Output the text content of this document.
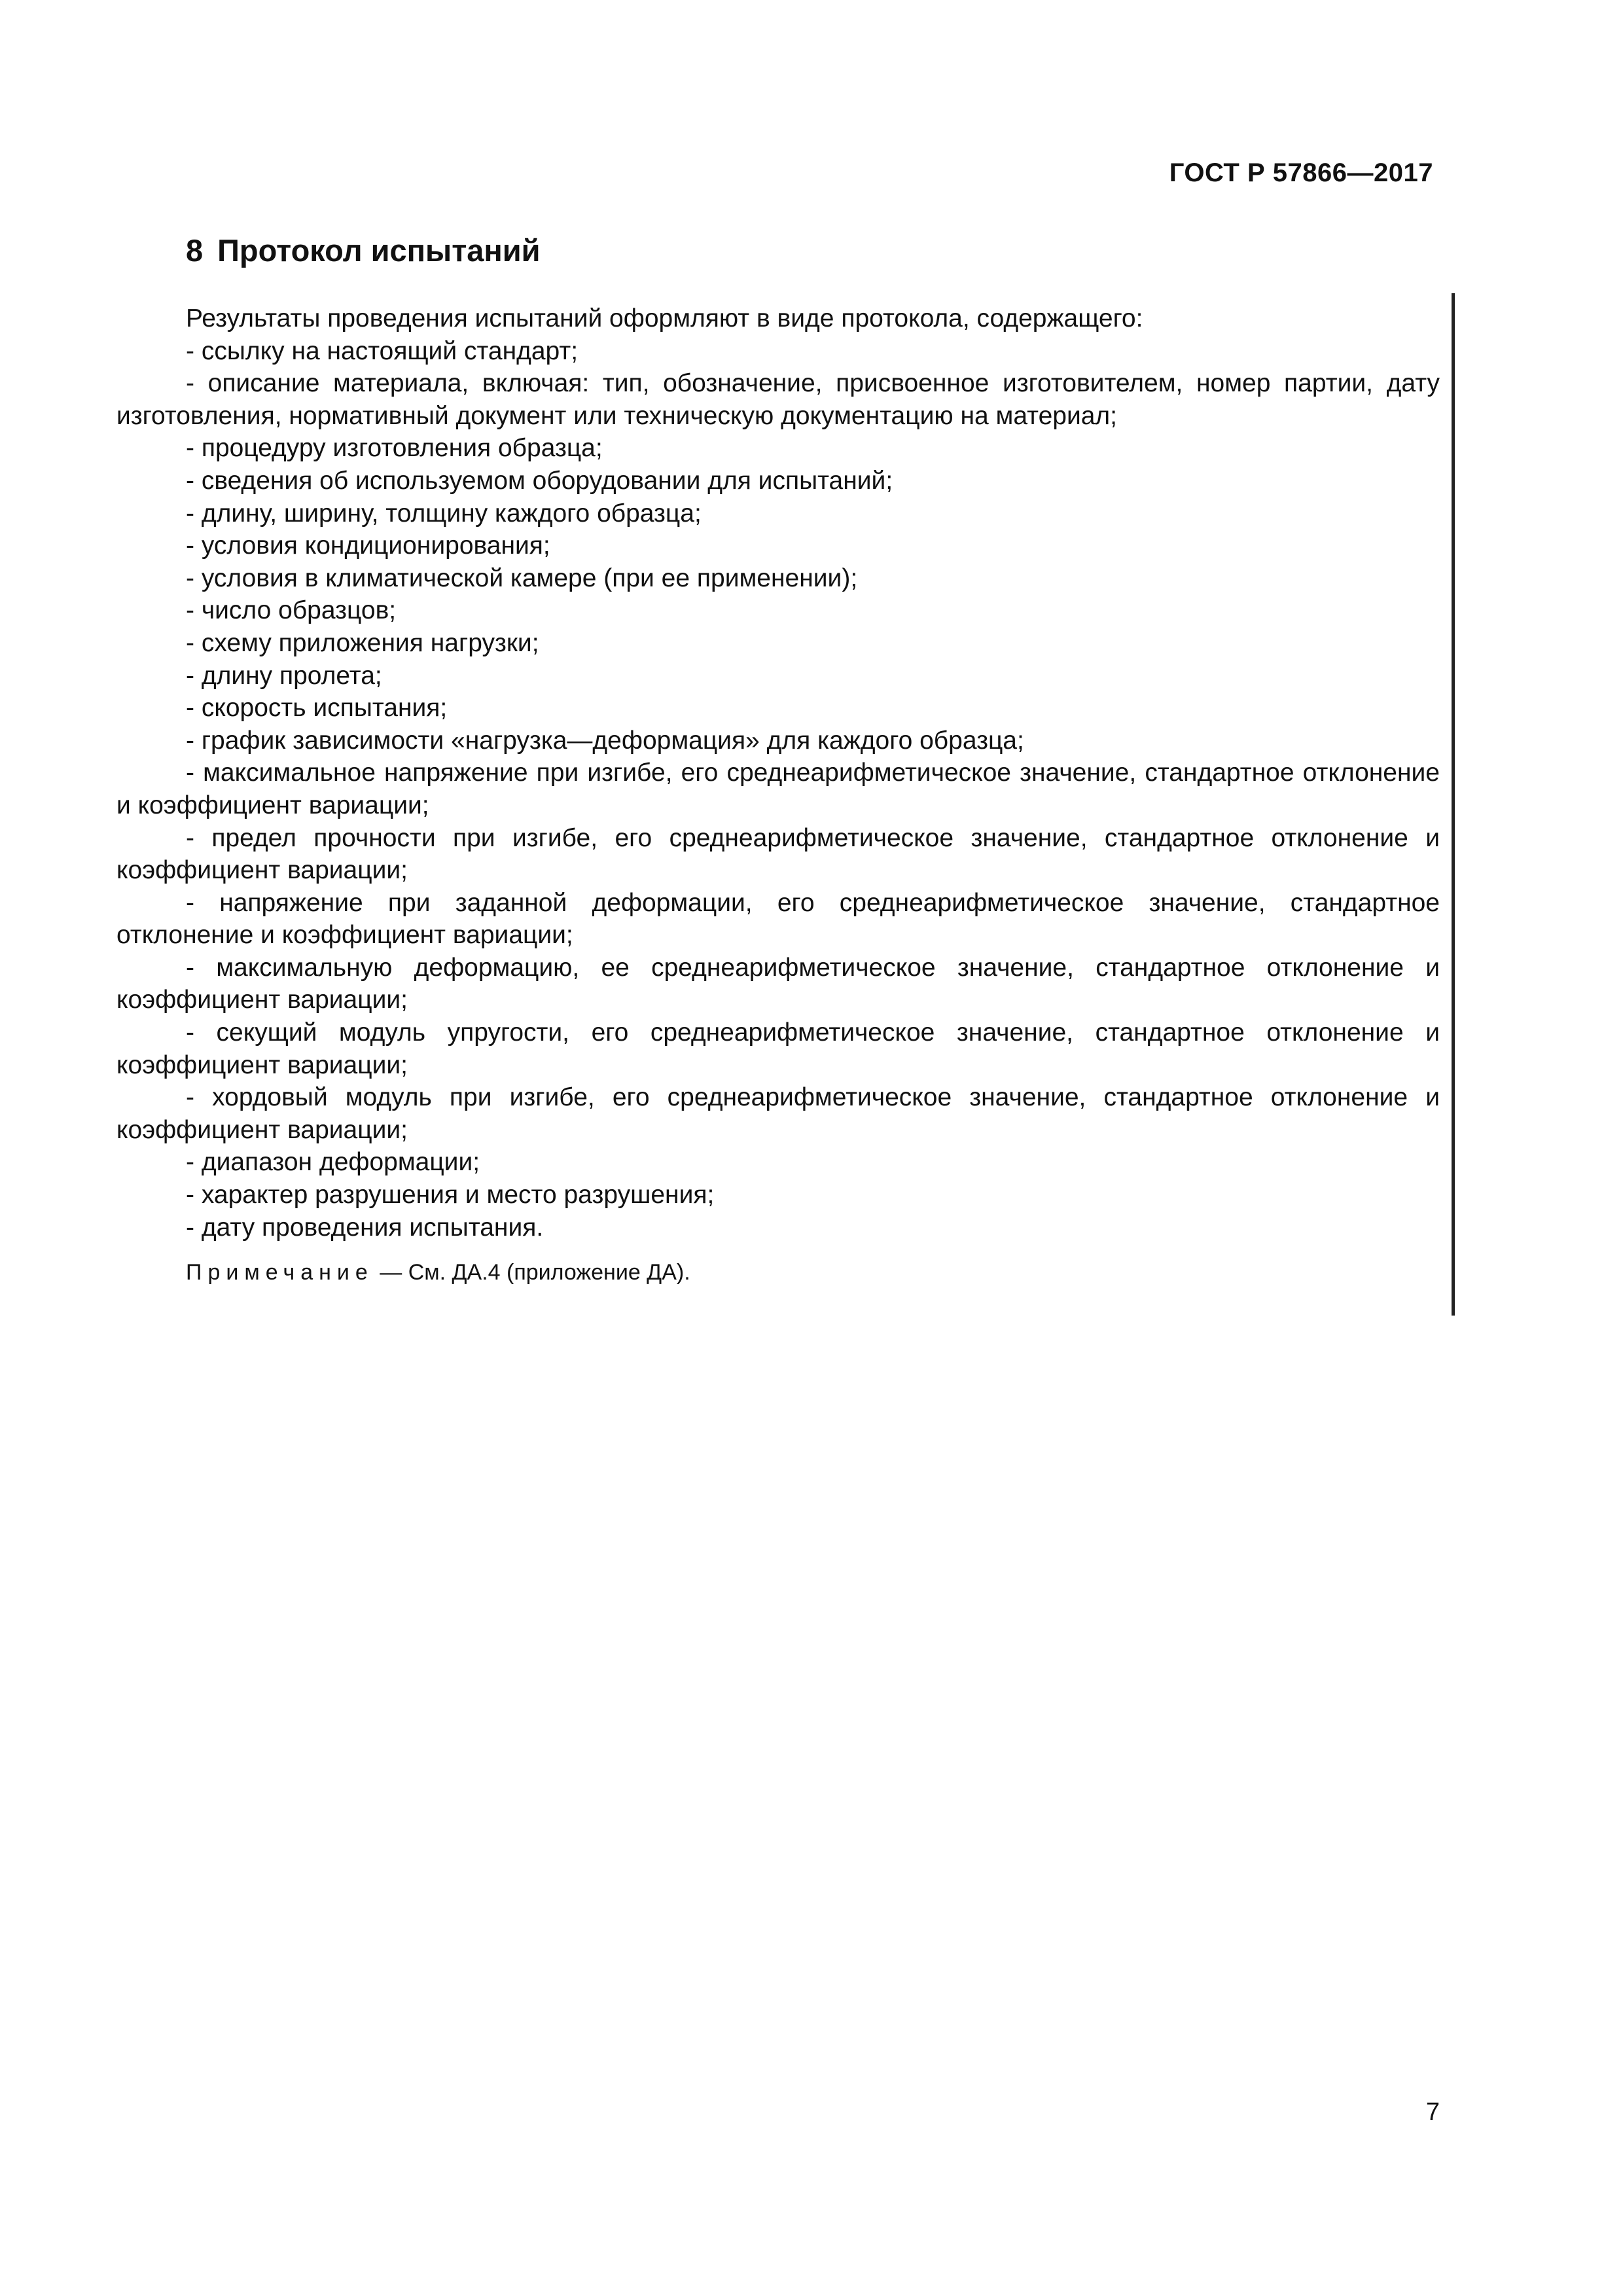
ГОСТ Р 57866—2017
8 Протокол испытаний

Результаты проведения испытаний оформляют в виде протокола, содержащего:

- ссылку на настоящий стандарт;

- описание материала, включая: тип, обозначение, присвоенное изготовителем, номер партии, дату изготовления, нормативный документ или техническую документацию на материал;

- процедуру изготовления образца;

- сведения об используемом оборудовании для испытаний;

- длину, ширину, толщину каждого образца;

- условия кондиционирования;

- условия в климатической камере (при ее применении);

- число образцов;

- схему приложения нагрузки;

- длину пролета;

- скорость испытания;

- график зависимости «нагрузка—деформация» для каждого образца;

- максимальное напряжение при изгибе, его среднеарифметическое значение, стандартное отклонение и коэффициент вариации;

- предел прочности при изгибе, его среднеарифметическое значение, стандартное отклонение и коэффициент вариации;

- напряжение при заданной деформации, его среднеарифметическое значение, стандартное отклонение и коэффициент вариации;

- максимальную деформацию, ее среднеарифметическое значение, стандартное отклонение и коэффициент вариации;

- секущий модуль упругости, его среднеарифметическое значение, стандартное отклонение и коэффициент вариации;

- хордовый модуль при изгибе, его среднеарифметическое значение, стандартное отклонение и коэффициент вариации;

- диапазон деформации;

- характер разрушения и место разрушения;

- дату проведения испытания.

Примечание — См. ДА.4 (приложение ДА).

7
